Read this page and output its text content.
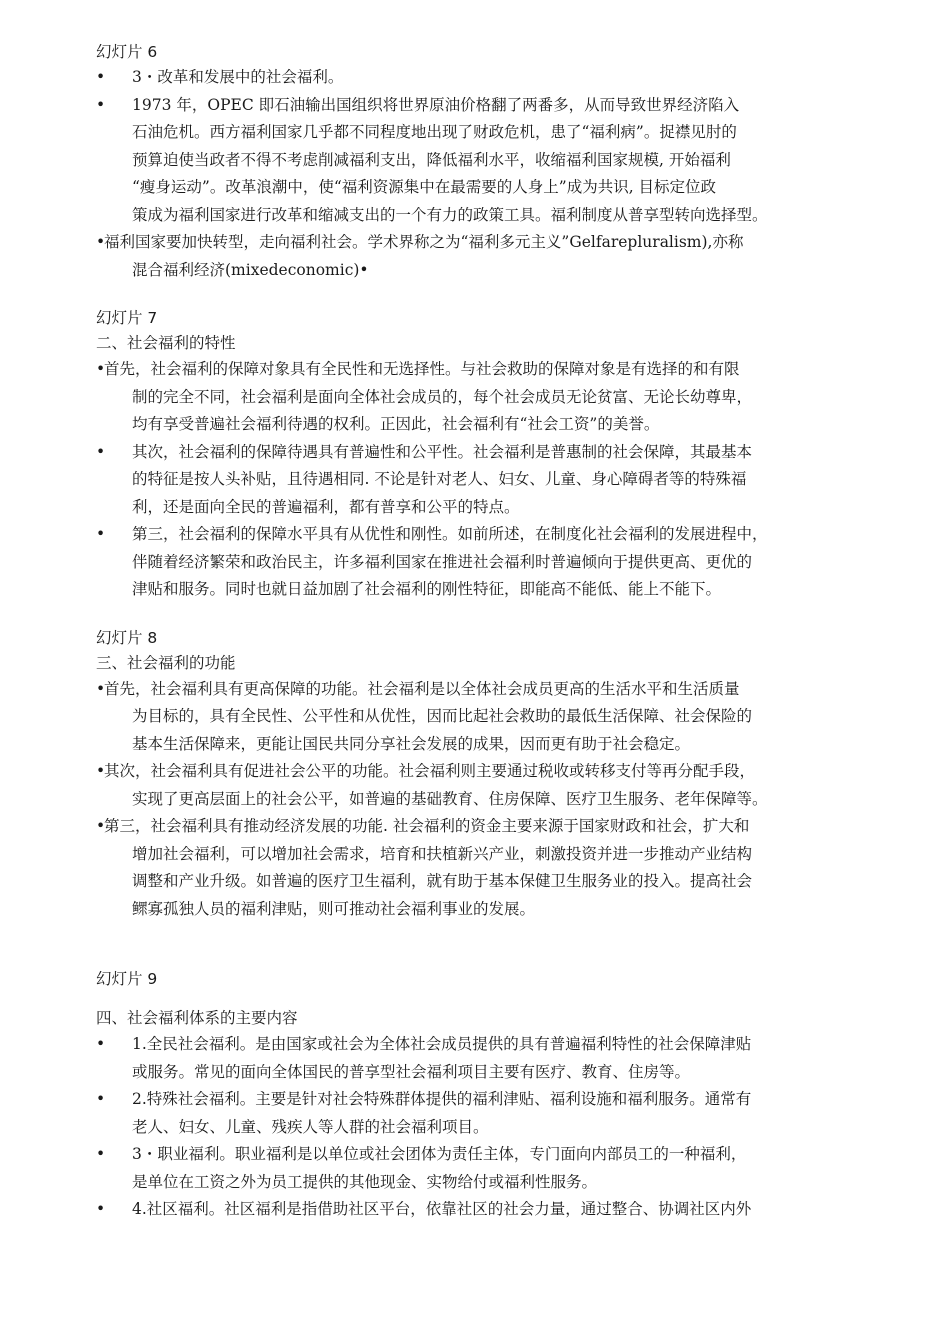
幻灯片 6

• 3・改革和发展中的社会福利。
• 1973 年，OPEC 即石油输出国组织将世界原油价格翻了两番多，从而导致世界经济陷入
石油危机。西方福利国家几乎都不同程度地出现了财政危机，患了“福利病”。捉襟见肘的
预算迫使当政者不得不考虑削减福利支出，降低福利水平，收缩福利国家规模, 开始福利
“瘦身运动”。改革浪潮中，使“福利资源集中在最需要的人身上”成为共识, 目标定位政
策成为福利国家进行改革和缩减支出的一个有力的政策工具。福利制度从普享型转向选择型。
•
福利国家要加快转型，走向福利社会。学术界称之为“福利多元主义”Gelfarepluralism),亦称
混合福利经济(mixedeconomic)•

幻灯片 7

二、社会福利的特性

•
首先，社会福利的保障对象具有全民性和无选择性。与社会救助的保障对象是有选择的和有限
制的完全不同，社会福利是面向全体社会成员的，每个社会成员无论贫富、无论长幼尊卑，
均有享受普遍社会福利待遇的权利。正因此，社会福利有“社会工资”的美誉。
• 其次，社会福利的保障待遇具有普遍性和公平性。社会福利是普惠制的社会保障，其最基本
的特征是按人头补贴，且待遇相同. 不论是针对老人、妇女、儿童、身心障碍者等的特殊福
利，还是面向全民的普遍福利，都有普享和公平的特点。
• 第三，社会福利的保障水平具有从优性和刚性。如前所述，在制度化社会福利的发展进程中，
伴随着经济繁荣和政治民主，许多福利国家在推进社会福利时普遍倾向于提供更高、更优的
津贴和服务。同时也就日益加剧了社会福利的刚性特征，即能高不能低、能上不能下。

幻灯片 8

三、社会福利的功能

•
首先，社会福利具有更高保障的功能。社会福利是以全体社会成员更高的生活水平和生活质量
为目标的，具有全民性、公平性和从优性，因而比起社会救助的最低生活保障、社会保险的
基本生活保障来，更能让国民共同分享社会发展的成果，因而更有助于社会稳定。
•
其次，社会福利具有促进社会公平的功能。社会福利则主要通过税收或转移支付等再分配手段，
实现了更高层面上的社会公平，如普遍的基础教育、住房保障、医疗卫生服务、老年保障等。
•
第三，社会福利具有推动经济发展的功能. 社会福利的资金主要来源于国家财政和社会，扩大和
增加社会福利，可以增加社会需求，培育和扶植新兴产业，刺激投资并进一步推动产业结构
调整和产业升级。如普遍的医疗卫生福利，就有助于基本保健卫生服务业的投入。提高社会
鳏寡孤独人员的福利津贴，则可推动社会福利事业的发展。

幻灯片 9

四、社会福利体系的主要内容

• 1.全民社会福利。是由国家或社会为全体社会成员提供的具有普遍福利特性的社会保障津贴
或服务。常见的面向全体国民的普享型社会福利项目主要有医疗、教育、住房等。
• 2.特殊社会福利。主要是针对社会特殊群体提供的福利津贴、福利设施和福利服务。通常有
老人、妇女、儿童、残疾人等人群的社会福利项目。
• 3・职业福利。职业福利是以单位或社会团体为责任主体，专门面向内部员工的一种福利，
是单位在工资之外为员工提供的其他现金、实物给付或福利性服务。
• 4.社区福利。社区福利是指借助社区平台，依靠社区的社会力量，通过整合、协调社区内外
